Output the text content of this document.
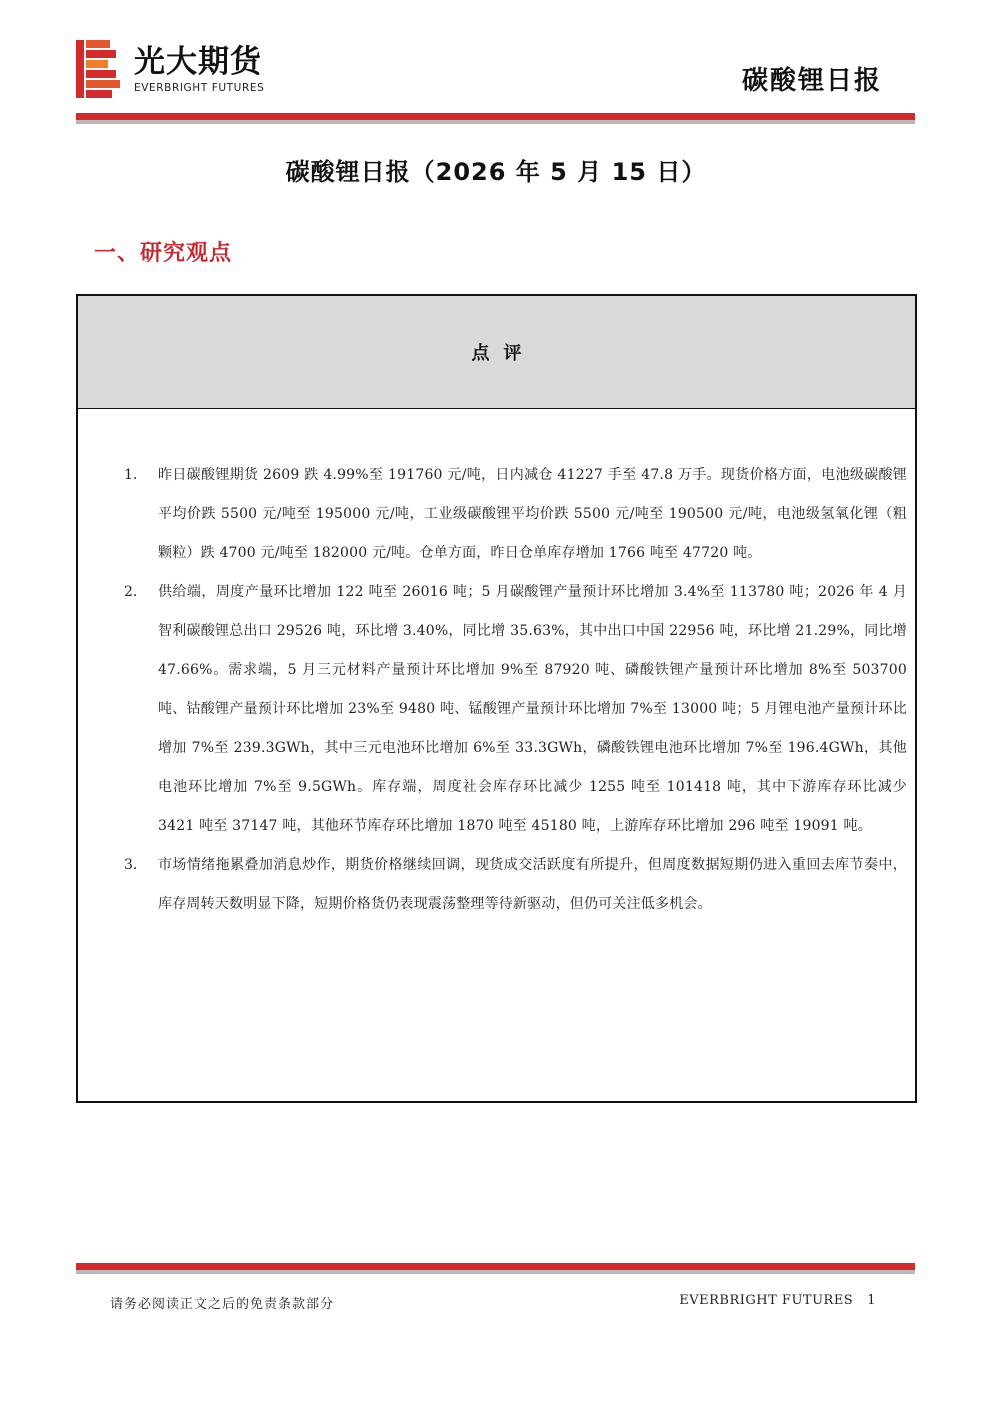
光大期货
EVERBRIGHT FUTURES	碳酸锂日报
碳酸锂日报（2026 年 5 月 15 日）
一、研究观点
点评
1. 昨日碳酸锂期货 2609 跌 4.99%至 191760 元/吨，日内减仓 41227 手至 47.8 万手。现货价格方面，电池级碳酸锂平均价跌 5500 元/吨至 195000 元/吨，工业级碳酸锂平均价跌 5500 元/吨至 190500 元/吨，电池级氢氧化锂（粗颗粒）跌 4700 元/吨至 182000 元/吨。仓单方面，昨日仓单库存增加 1766 吨至 47720 吨。
2. 供给端，周度产量环比增加 122 吨至 26016 吨；5 月碳酸锂产量预计环比增加 3.4%至 113780 吨；2026 年 4 月智利碳酸锂总出口 29526 吨，环比增 3.40%，同比增 35.63%，其中出口中国 22956 吨，环比增 21.29%，同比增 47.66%。需求端，5 月三元材料产量预计环比增加 9%至 87920 吨、磷酸铁锂产量预计环比增加 8%至 503700 吨、钴酸锂产量预计环比增加 23%至 9480 吨、锰酸锂产量预计环比增加 7%至 13000 吨；5 月锂电池产量预计环比增加 7%至 239.3GWh，其中三元电池环比增加 6%至 33.3GWh，磷酸铁锂电池环比增加 7%至 196.4GWh，其他电池环比增加 7%至 9.5GWh。库存端，周度社会库存环比减少 1255 吨至 101418 吨，其中下游库存环比减少 3421 吨至 37147 吨，其他环节库存环比增加 1870 吨至 45180 吨，上游库存环比增加 296 吨至 19091 吨。
3. 市场情绪拖累叠加消息炒作，期货价格继续回调，现货成交活跃度有所提升，但周度数据短期仍进入重回去库节奏中，库存周转天数明显下降，短期价格货仍表现震荡整理等待新驱动，但仍可关注低多机会。
请务必阅读正文之后的免责条款部分	EVERBRIGHT FUTURES 1
